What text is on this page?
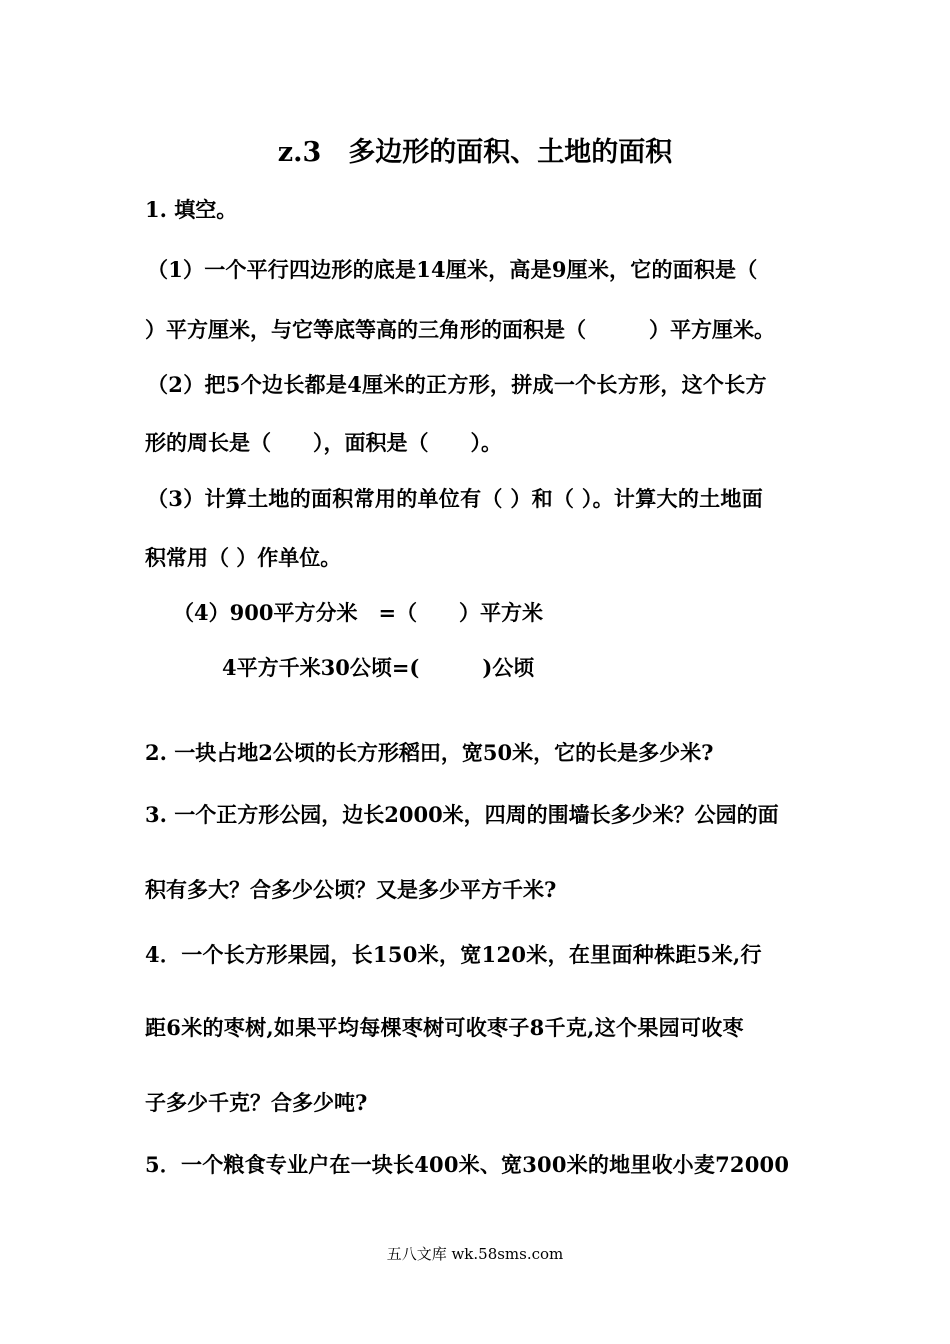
z.3　多边形的面积、土地的面积
1. 填空。
（1）一个平行四边形的底是14厘米，高是9厘米，它的面积是（
）平方厘米，与它等底等高的三角形的面积是（　　　）平方厘米。
（2）把5个边长都是4厘米的正方形，拼成一个长方形，这个长方
形的周长是（　　），面积是（　　）。
（3）计算土地的面积常用的单位有（ ）和（ ）。计算大的土地面
积常用（ ）作单位。
（4）900平方分米　=（　　）平方米
4平方千米30公顷=(　　　)公顷
2. 一块占地2公顷的长方形稻田，宽50米，它的长是多少米?
3. 一个正方形公园，边长2000米，四周的围墙长多少米？公园的面
积有多大？合多少公顷？又是多少平方千米?
4．一个长方形果园，长150米，宽120米，在里面种株距5米,行
距6米的枣树,如果平均每棵枣树可收枣子8千克,这个果园可收枣
子多少千克？合多少吨?
5．一个粮食专业户在一块长400米、宽300米的地里收小麦72000
五八文库 wk.58sms.com
